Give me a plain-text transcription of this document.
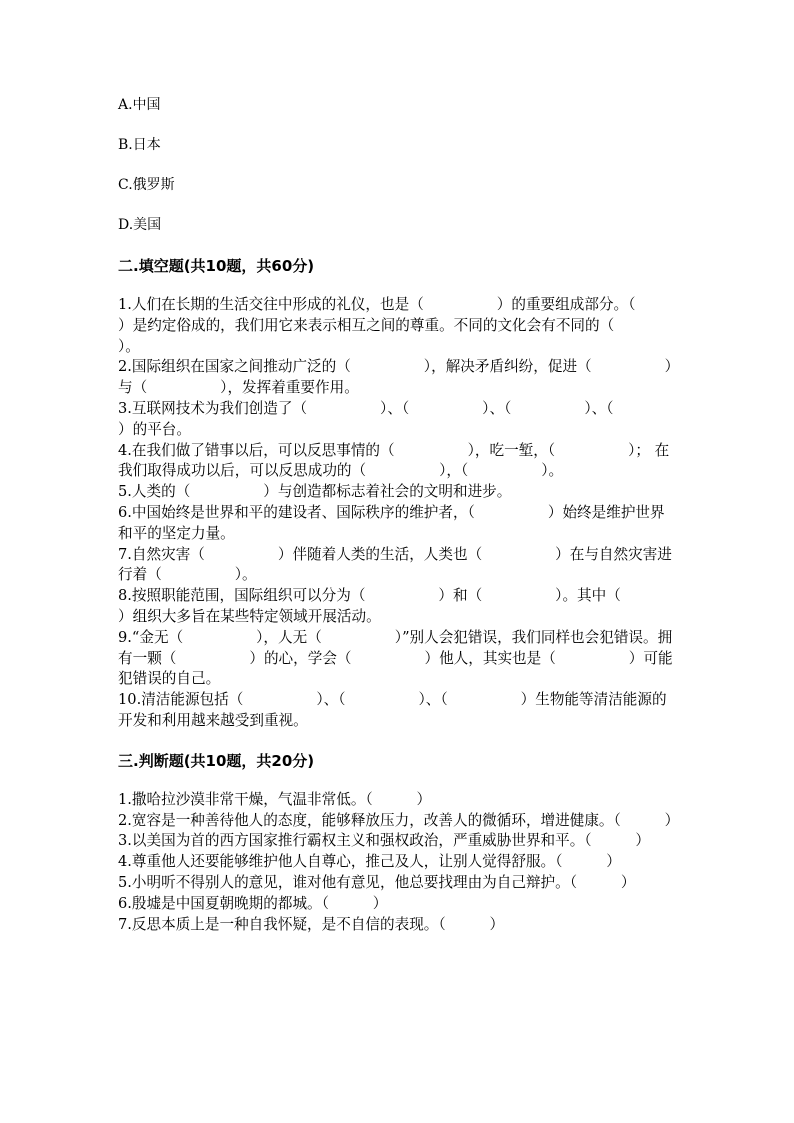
A.中国
B.日本
C.俄罗斯
D.美国
二.填空题(共10题，共60分)

1.人们在长期的生活交往中形成的礼仪，也是（　　　　　）的重要组成部分。（　　　　　）是约定俗成的，我们用它来表示相互之间的尊重。不同的文化会有不同的（　　　　　）。

2.国际组织在国家之间推动广泛的（　　　　　），解决矛盾纠纷，促进（　　　　　）与（　　　　　），发挥着重要作用。

3.互联网技术为我们创造了（　　　　　）、（　　　　　）、（　　　　　）、（　　　　　）的平台。

4.在我们做了错事以后，可以反思事情的（　　　　　），吃一堑，（　　　　　）； 在我们取得成功以后，可以反思成功的（　　　　　），（　　　　　）。

5.人类的（　　　　　）与创造都标志着社会的文明和进步。

6.中国始终是世界和平的建设者、国际秩序的维护者，（　　　　　）始终是维护世界和平的坚定力量。

7.自然灾害（　　　　　）伴随着人类的生活，人类也（　　　　　）在与自然灾害进行着（　　　　　）。

8.按照职能范围，国际组织可以分为（　　　　　）和（　　　　　）。其中（　　　　　）组织大多旨在某些特定领域开展活动。

9.“金无（　　　　　），人无（　　　　　）”别人会犯错误，我们同样也会犯错误。拥有一颗（　　　　　）的心，学会（　　　　　）他人，其实也是（　　　　　）可能犯错误的自己。

10.清洁能源包括（　　　　　）、（　　　　　）、（　　　　　）生物能等清洁能源的开发和利用越来越受到重视。

三.判断题(共10题，共20分)

1.撒哈拉沙漠非常干燥，气温非常低。（　　　）

2.宽容是一种善待他人的态度，能够释放压力，改善人的微循环，增进健康。（　　　）

3.以美国为首的西方国家推行霸权主义和强权政治，严重威胁世界和平。（　　　）

4.尊重他人还要能够维护他人自尊心，推己及人，让别人觉得舒服。（　　　）

5.小明听不得别人的意见，谁对他有意见，他总要找理由为自己辩护。（　　　）

6.殷墟是中国夏朝晚期的都城。（　　　）

7.反思本质上是一种自我怀疑，是不自信的表现。（　　　）
